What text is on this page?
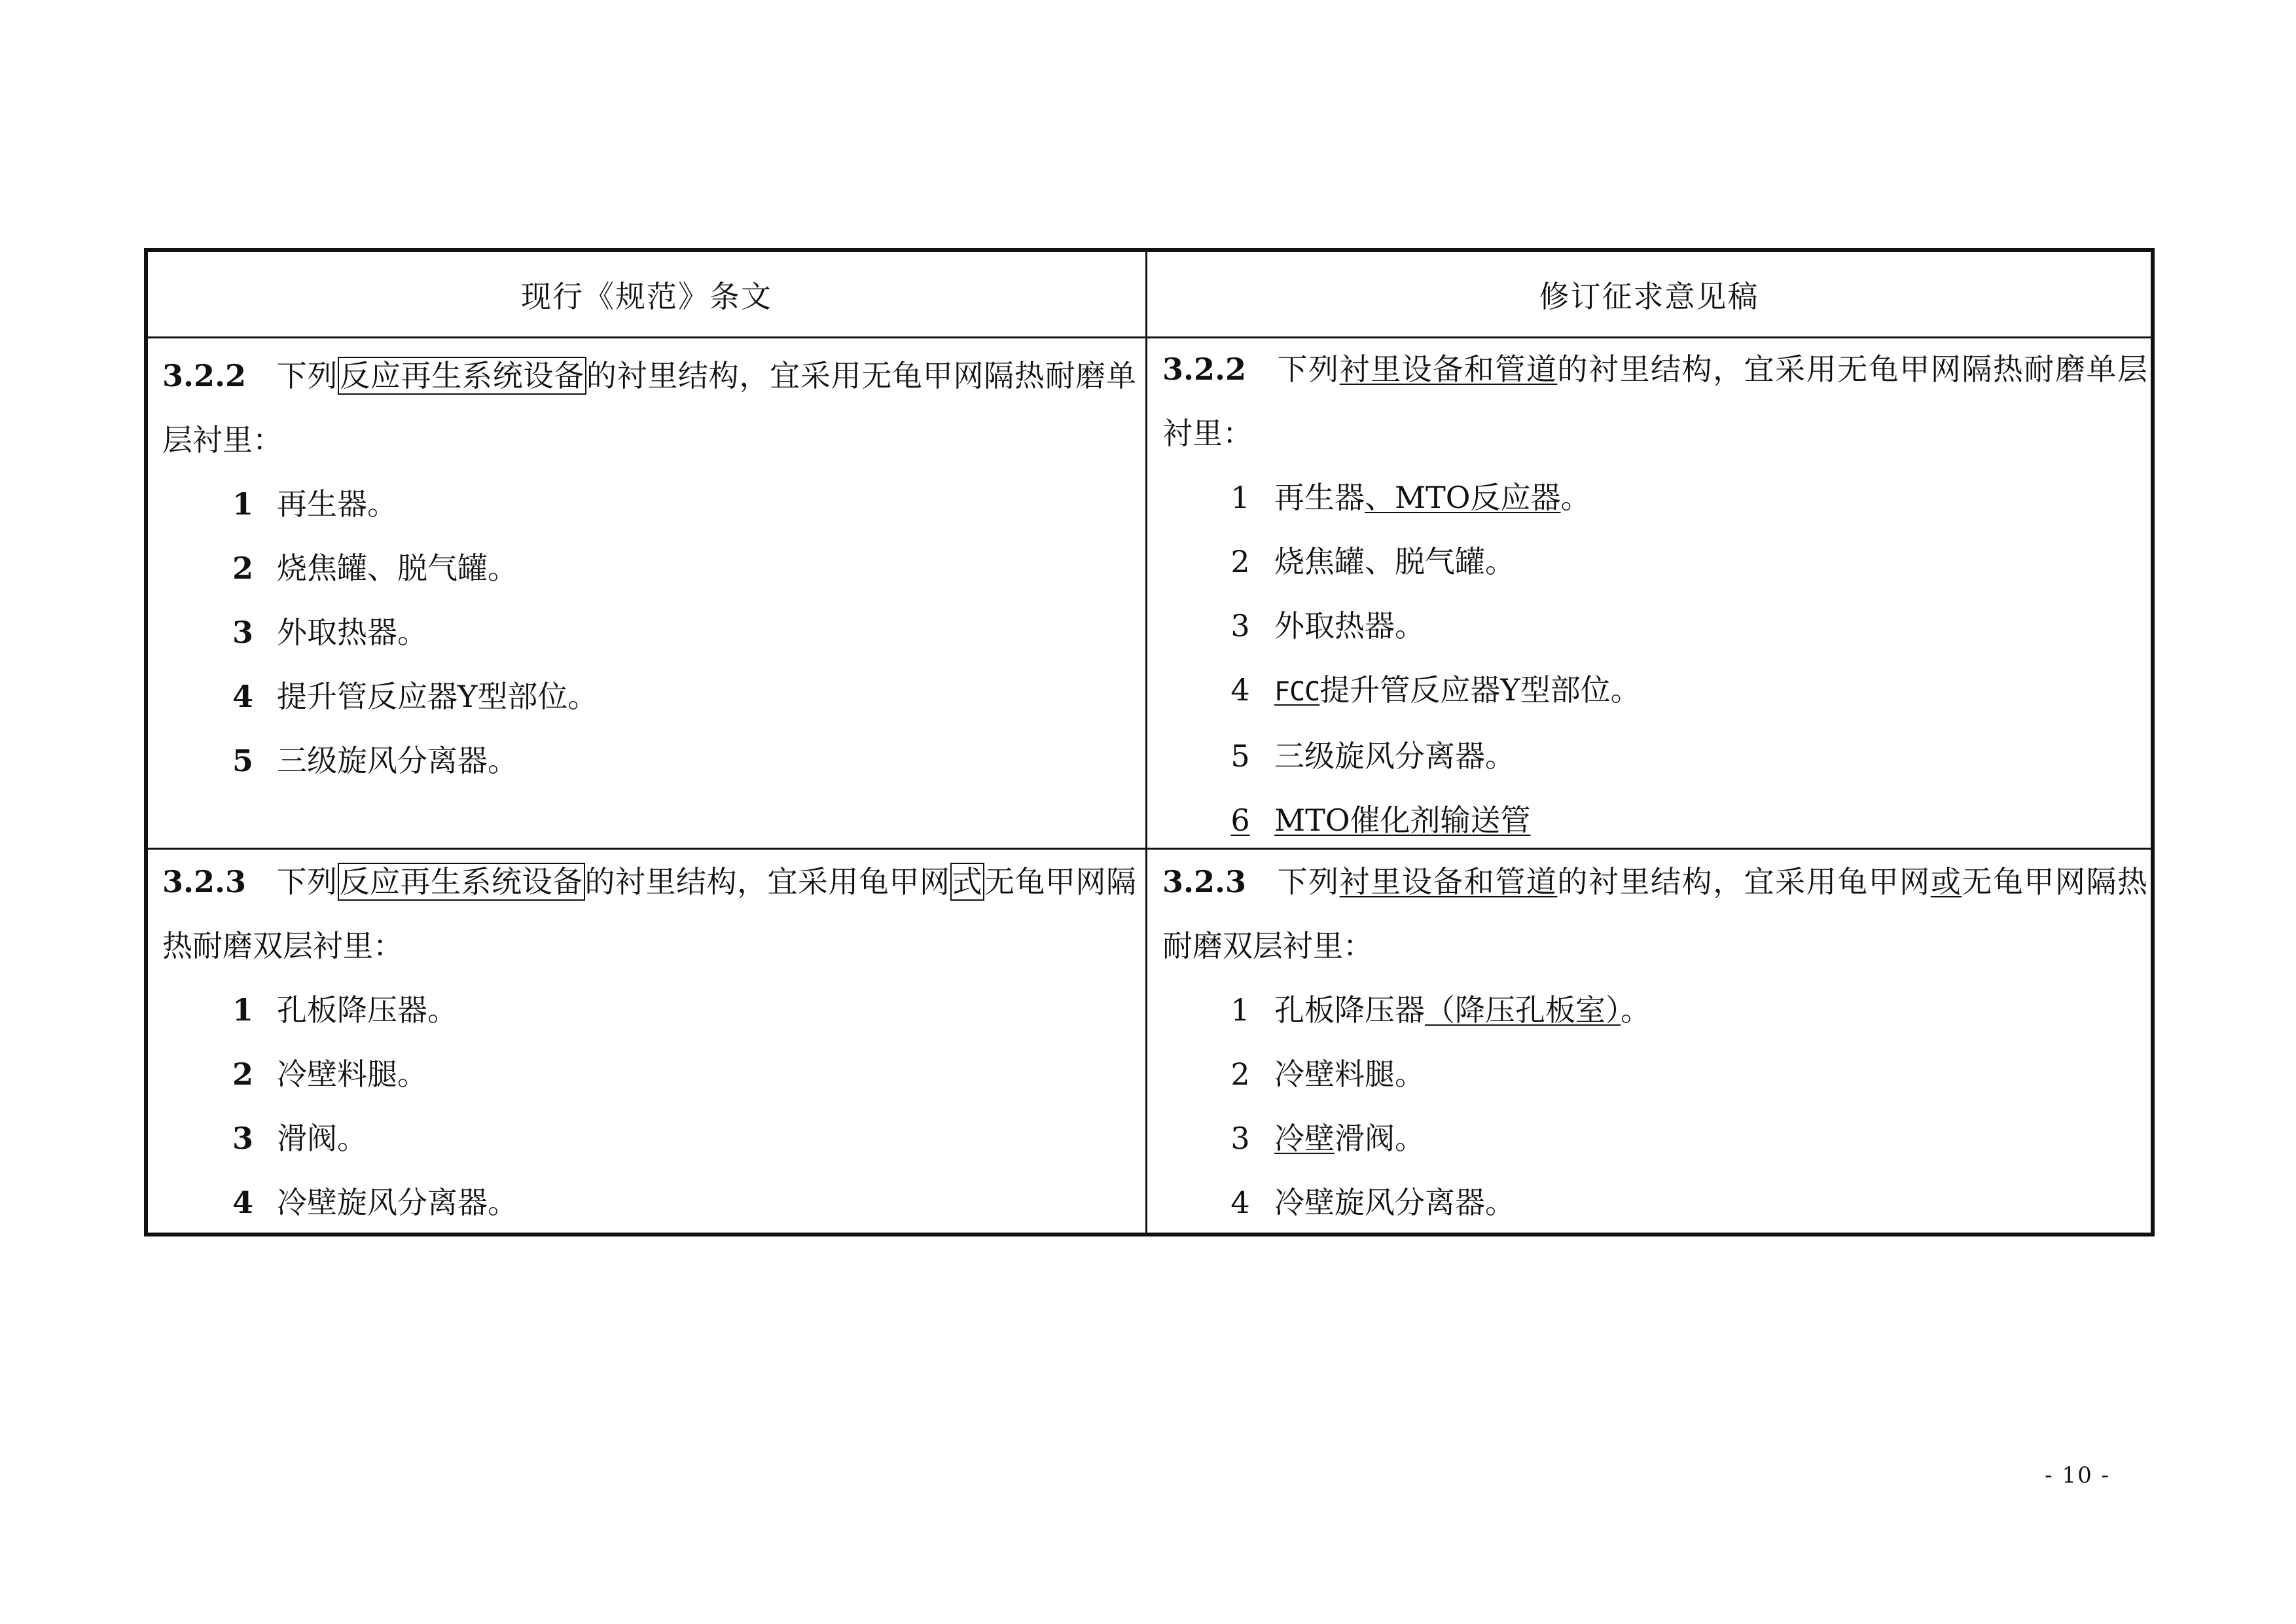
现行《规范》条文	修订征求意见稿

3.2.2 下列反应再生系统设备的衬里结构，宜采用无龟甲网隔热耐磨单层衬里：

1 再生器。

2 烧焦罐、脱气罐。

3 外取热器。

4 提升管反应器Y型部位。

5 三级旋风分离器。

3.2.2 下列衬里设备和管道的衬里结构，宜采用无龟甲网隔热耐磨单层衬里：

1 再生器、MTO反应器。

2 烧焦罐、脱气罐。

3 外取热器。

4 FCC提升管反应器Y型部位。

5 三级旋风分离器。

6 MTO催化剂输送管

3.2.3 下列反应再生系统设备的衬里结构，宜采用龟甲网式无龟甲网隔热耐磨双层衬里：

1 孔板降压器。

2 冷壁料腿。

3 滑阀。

4 冷壁旋风分离器。

3.2.3 下列衬里设备和管道的衬里结构，宜采用龟甲网或无龟甲网隔热耐磨双层衬里：

1 孔板降压器（降压孔板室）。

2 冷壁料腿。

3 冷壁滑阀。

4 冷壁旋风分离器。

- 10 -
